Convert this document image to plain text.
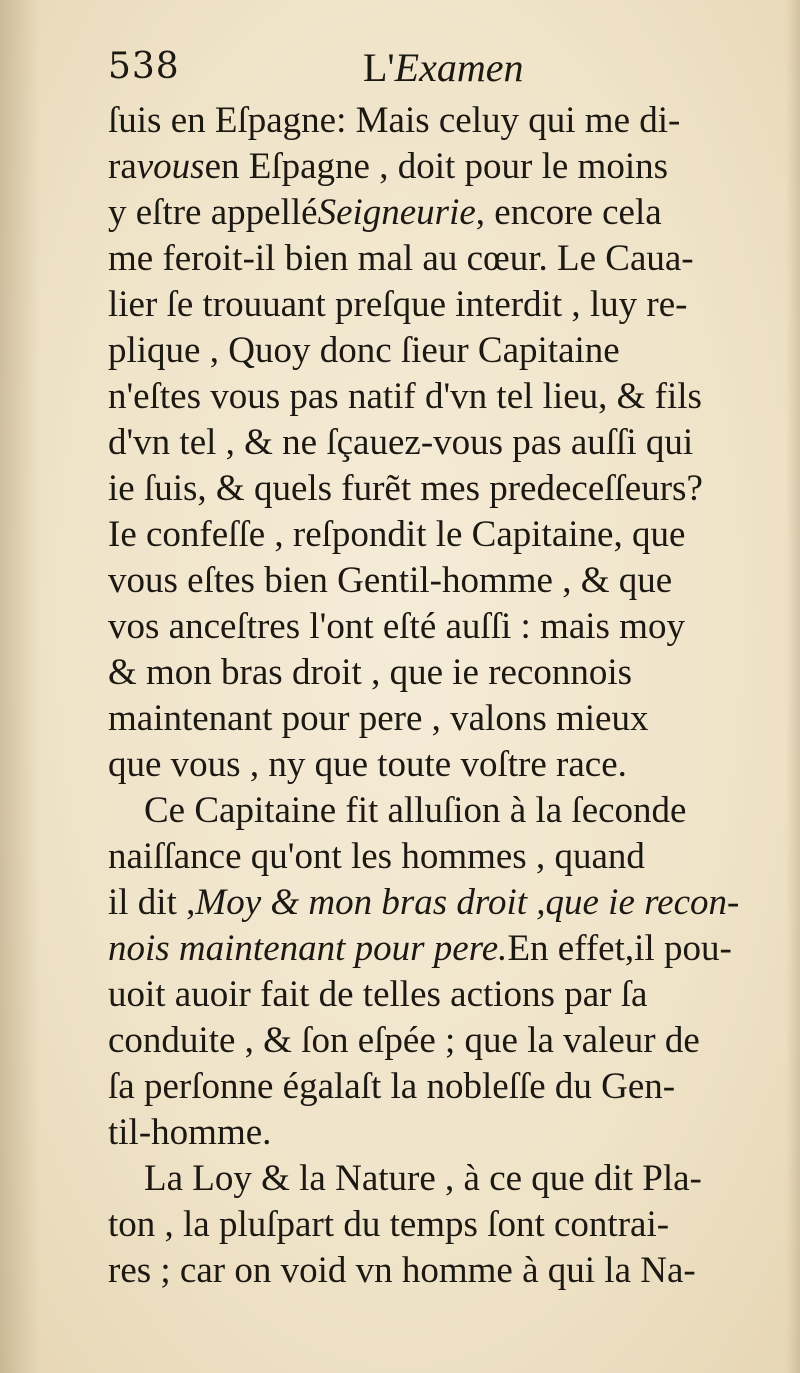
538	L'Examen
ſuis en Eſpagne: Mais celuy qui me di-
ra vous en Eſpagne , doit pour le moins
y eſtre appellé Seigneurie , encore cela
me feroit-il bien mal au cœur. Le Caua-
lier ſe trouuant preſque interdit , luy re-
plique , Quoy donc ſieur Capitaine
n'eſtes vous pas natif d'vn tel lieu, & fils
d'vn tel , & ne ſçauez-vous pas auſſi qui
ie ſuis, & quels furẽt mes predeceſſeurs?
Ie confeſſe , reſpondit le Capitaine, que
vous eſtes bien Gentil-homme , & que
vos anceſtres l'ont eſté auſſi : mais moy
& mon bras droit , que ie reconnois
maintenant pour pere , valons mieux
que vous , ny que toute voſtre race.
Ce Capitaine fit alluſion à la ſeconde
naiſſance qu'ont les hommes , quand
il dit , Moy & mon bras droit ,que ie recon-
nois maintenant pour pere. En effet,il pou-
uoit auoir fait de telles actions par ſa
conduite , & ſon eſpée ; que la valeur de
ſa perſonne égalaſt la nobleſſe du Gen-
til-homme.
La Loy & la Nature , à ce que dit Pla-
ton , la pluſpart du temps ſont contrai-
res ; car on void vn homme à qui la Na-
